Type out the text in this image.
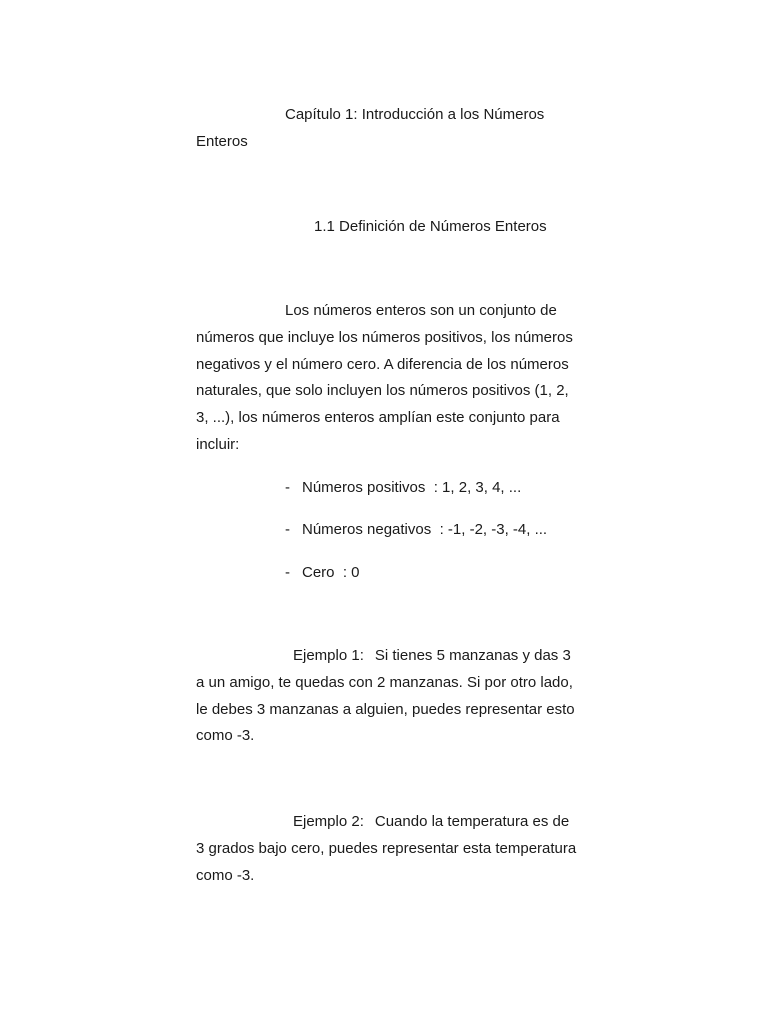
Capítulo 1: Introducción a los Números Enteros

1.1 Definición de Números Enteros

Los números enteros son un conjunto de números que incluye los números positivos, los números negativos y el número cero. A diferencia de los números naturales, que solo incluyen los números positivos (1, 2, 3, ...), los números enteros amplían este conjunto para incluir:

- Números positivos  : 1, 2, 3, 4, ...

- Números negativos  : -1, -2, -3, -4, ...

- Cero  : 0

Ejemplo 1: Si tienes 5 manzanas y das 3 a un amigo, te quedas con 2 manzanas. Si por otro lado, le debes 3 manzanas a alguien, puedes representar esto como -3.

Ejemplo 2: Cuando la temperatura es de 3 grados bajo cero, puedes representar esta temperatura como -3.
